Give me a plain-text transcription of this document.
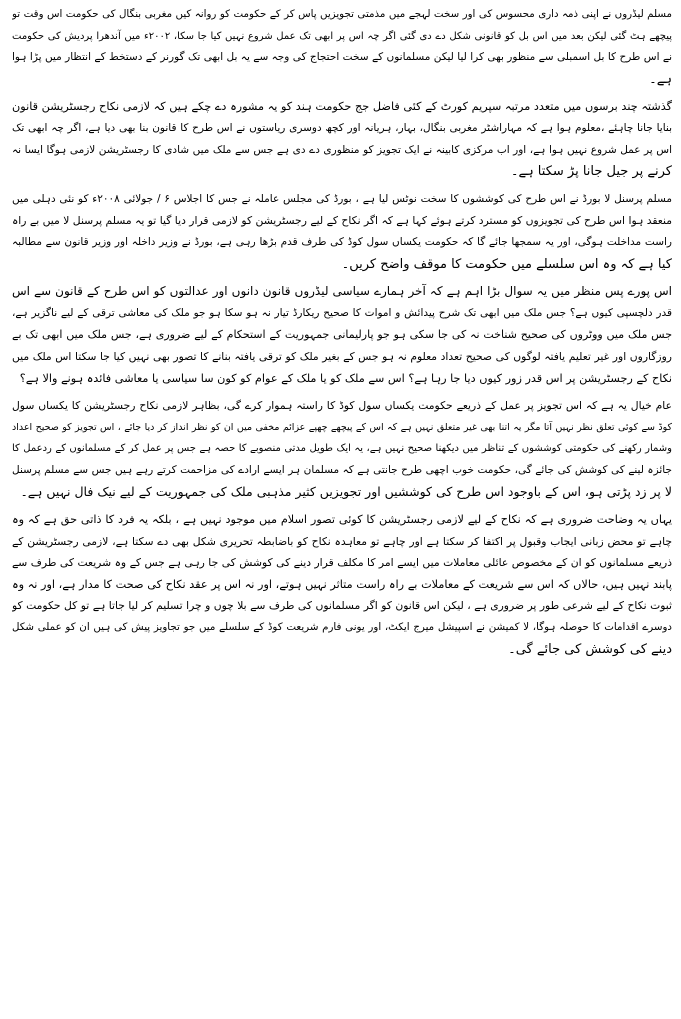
مسلم لیڈروں نے اپنی ذمہ داری محسوس کی اور سخت لہجے میں مذمتی تجویزیں پاس کر کے حکومت کو روانہ کیں مغربی بنگال کی حکومت اس وقت تو
پیچھے ہٹ گئی لیکن بعد میں اس بل کو قانونی شکل دے دی گئی اگر چہ اس پر ابھی تک عمل شروع نہیں کیا جا سکا، ۲۰۰۲ء میں آندھرا پردیش کی حکومت
نے اس طرح کا بل اسمبلی سے منظور بھی کرا لیا لیکن مسلمانوں کے سخت احتجاج کی وجہ سے یہ بل ابھی تک گورنر کے دستخط کے انتظار میں پڑا ہوا
ہے۔
گذشتہ چند برسوں میں متعدد مرتبہ سپریم کورٹ کے کئی فاضل جج حکومت ہند کو یہ مشورہ دے چکے ہیں کہ لازمی نکاح رجسٹریشن قانون
بنایا جانا چاہئے ،معلوم ہوا ہے کہ مہاراشٹر مغربی بنگال، بہار، ہریانہ اور کچھ دوسری ریاستوں نے اس طرح کا قانون بنا بھی دیا ہے، اگر چہ ابھی تک
اس پر عمل شروع نہیں ہوا ہے، اور اب مرکزی کابینہ نے ایک تجویز کو منظوری دے دی ہے جس سے ملک میں شادی کا رجسٹریشن لازمی ہوگا ایسا نہ
کرنے پر جیل جانا پڑ سکتا ہے۔
مسلم پرسنل لا بورڈ نے اس طرح کی کوششوں کا سخت نوٹس لیا ہے ، بورڈ کی مجلس عاملہ نے جس کا اجلاس ۶ / جولائی ۲۰۰۸ء کو نئی دہلی میں
منعقد ہوا اس طرح کی تجویزوں کو مسترد کرتے ہوئے کہا ہے کہ اگر نکاح کے لیے رجسٹریشن کو لازمی قرار دیا گیا تو یہ مسلم پرسنل لا میں بے راہ
راست مداخلت ہوگی، اور یہ سمجھا جائے گا کہ حکومت یکساں سول کوڈ کی طرف قدم بڑھا رہی ہے، بورڈ نے وزیر داخلہ اور وزیر قانون سے مطالبہ
کیا ہے کہ وہ اس سلسلے میں حکومت کا موقف واضح کریں۔
اس پورے پس منظر میں یہ سوال بڑا اہم ہے کہ آخر ہمارے سیاسی لیڈروں قانون دانوں اور عدالتوں کو اس طرح کے قانون سے اس
قدر دلچسپی کیوں ہے؟ جس ملک میں ابھی تک شرح پیدائش و اموات کا صحیح ریکارڈ تیار نہ ہو سکا ہو جو ملک کی معاشی ترقی کے لیے ناگزیر ہے،
جس ملک میں ووٹروں کی صحیح شناخت نہ کی جا سکی ہو جو پارلیمانی جمہوریت کے استحکام کے لیے ضروری ہے، جس ملک میں ابھی تک بے
روزگاروں اور غیر تعلیم یافتہ لوگوں کی صحیح تعداد معلوم نہ ہو جس کے بغیر ملک کو ترقی یافتہ بنانے کا تصور بھی نہیں کیا جا سکتا اس ملک میں
نکاح کے رجسٹریشن پر اس قدر زور کیوں دیا جا رہا ہے؟ اس سے ملک کو یا ملک کے عوام کو کون سا سیاسی یا معاشی فائدہ ہونے والا ہے؟
عام خیال یہ ہے کہ اس تجویز پر عمل کے ذریعے حکومت یکساں سول کوڈ کا راستہ ہموار کرے گی، بظاہر لازمی نکاح رجسٹریشن کا یکساں سول
کوڈ سے کوئی تعلق نظر نہیں آتا مگر یہ اتنا بھی غیر متعلق نہیں ہے کہ اس کے پیچھے چھپے عزائم مخفی میں ان کو نظر انداز کر دیا جائے ، اس تجویز کو صحیح اعداد
وشمار رکھنے کی حکومتی کوششوں کے تناظر میں دیکھنا صحیح نہیں ہے، یہ ایک طویل مدتی منصوبے کا حصہ ہے جس پر عمل کر کے مسلمانوں کے ردعمل کا
جائزہ لینے کی کوشش کی جائے گی، حکومت خوب اچھی طرح جانتی ہے کہ مسلمان ہر ایسے ارادے کی مزاحمت کرتے رہے ہیں جس سے مسلم پرسنل
لا پر زد پڑتی ہو، اس کے باوجود اس طرح کی کوششیں اور تجویزیں کثیر مذہبی ملک کی جمہوریت کے لیے نیک فال نہیں ہے۔
یہاں یہ وضاحت ضروری ہے کہ نکاح کے لیے لازمی رجسٹریشن کا کوئی تصور اسلام میں موجود نہیں ہے ، بلکہ یہ فرد کا ذاتی حق ہے کہ وہ
چاہے تو محض زبانی ایجاب وقبول پر اکتفا کر سکتا ہے اور چاہے تو معاہدہ نکاح کو باضابطہ تحریری شکل بھی دے سکتا ہے، لازمی رجسٹریشن کے
ذریعے مسلمانوں کو ان کے مخصوص عائلی معاملات میں ایسے امر کا مکلف قرار دینے کی کوشش کی جا رہی ہے جس کے وہ شریعت کی طرف سے
پابند نہیں ہیں، حالاں کہ اس سے شریعت کے معاملات بے راہ راست متاثر نہیں ہوتے، اور نہ اس پر عقد نکاح کی صحت کا مدار ہے، اور نہ وہ
ثبوت نکاح کے لیے شرعی طور پر ضروری ہے ، لیکن اس قانون کو اگر مسلمانوں کی طرف سے بلا چوں و چرا تسلیم کر لیا جاتا ہے تو کل حکومت کو
دوسرے اقدامات کا حوصلہ ہوگا، لا کمیشن نے اسپیشل میرج ایکٹ، اور یونی فارم شریعت کوڈ کے سلسلے میں جو تجاویز پیش کی ہیں ان کو عملی شکل
دینے کی کوشش کی جائے گی۔
